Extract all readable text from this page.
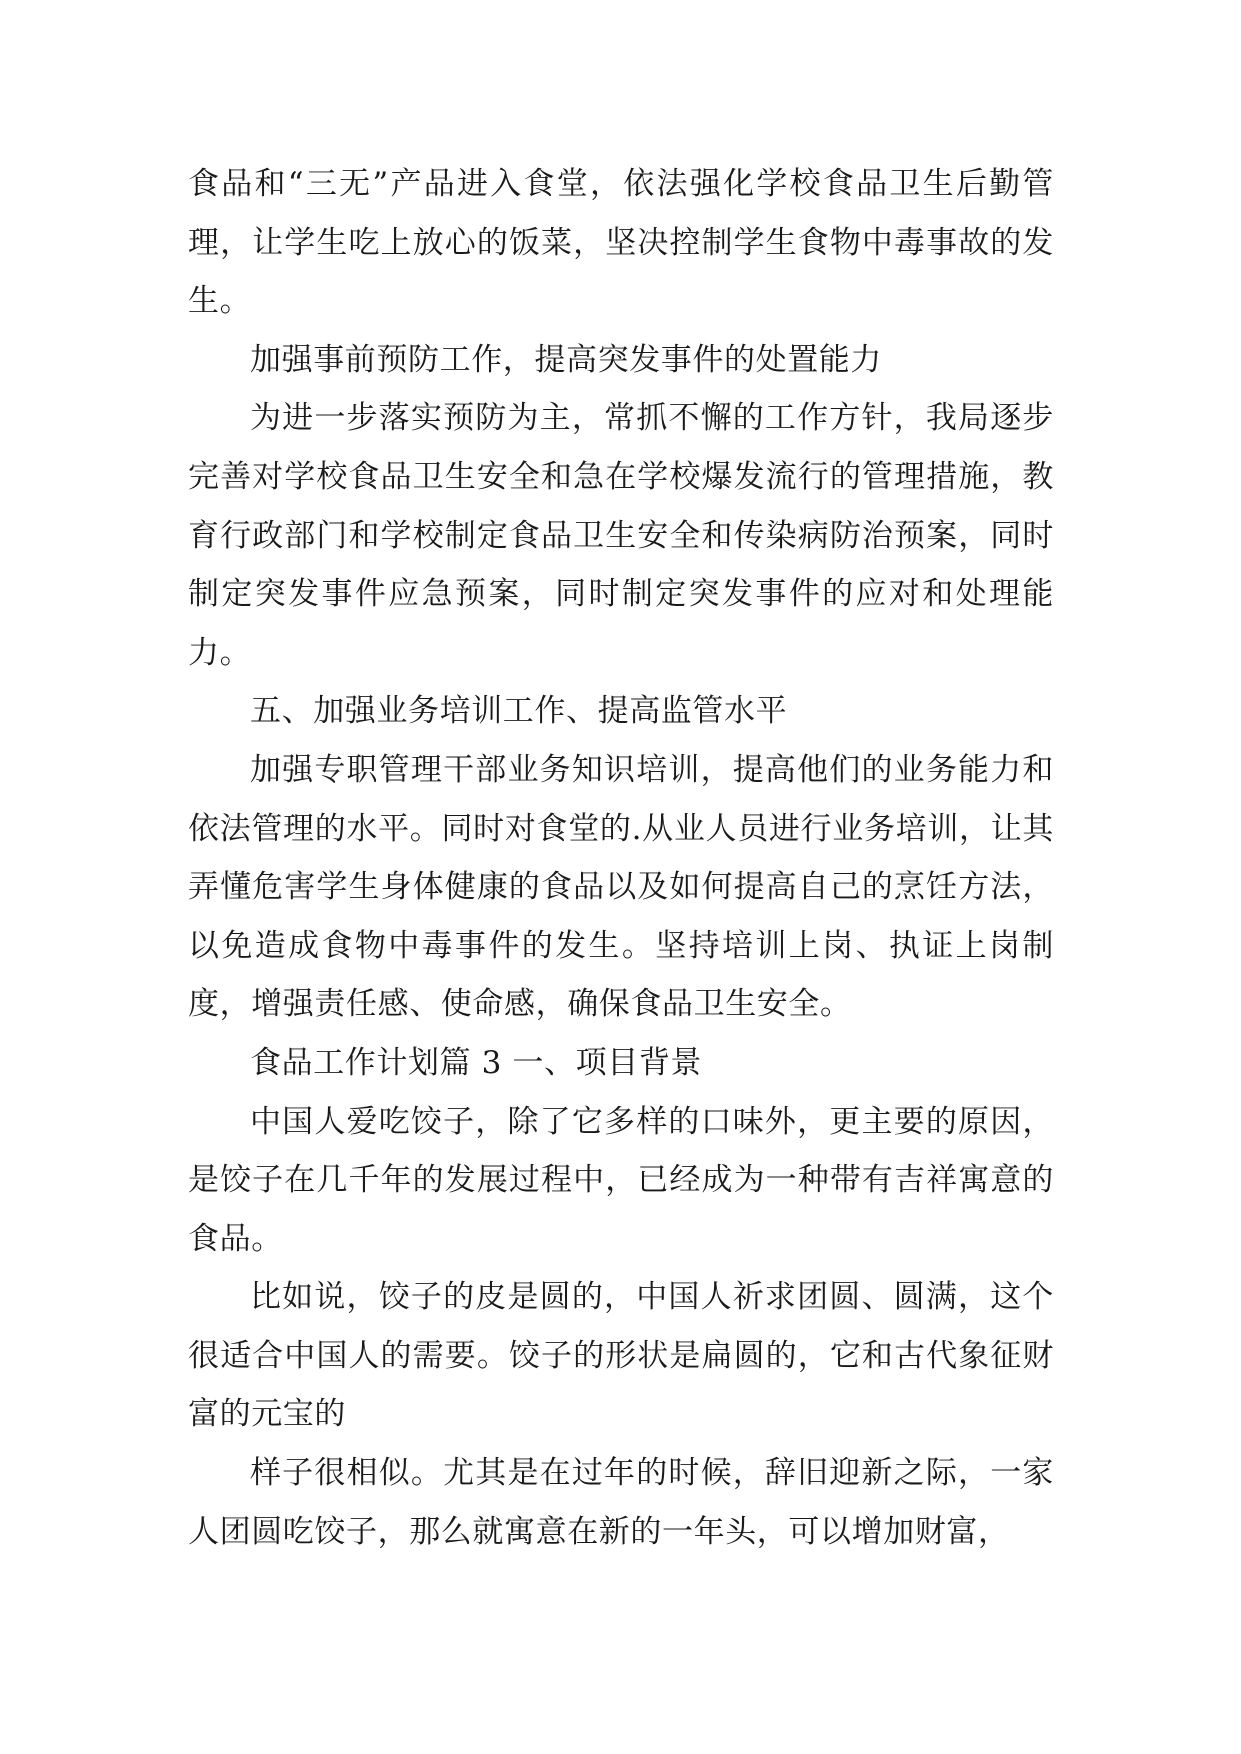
食品和“三无”产品进入食堂，依法强化学校食品卫生后勤管理，让学生吃上放心的饭菜，坚决控制学生食物中毒事故的发生。

加强事前预防工作，提高突发事件的处置能力

为进一步落实预防为主，常抓不懈的工作方针，我局逐步完善对学校食品卫生安全和急在学校爆发流行的管理措施，教育行政部门和学校制定食品卫生安全和传染病防治预案，同时制定突发事件应急预案，同时制定突发事件的应对和处理能力。

五、加强业务培训工作、提高监管水平

加强专职管理干部业务知识培训，提高他们的业务能力和依法管理的水平。同时对食堂的.从业人员进行业务培训，让其弄懂危害学生身体健康的食品以及如何提高自己的烹饪方法，以免造成食物中毒事件的发生。坚持培训上岗、执证上岗制度，增强责任感、使命感，确保食品卫生安全。

食品工作计划篇 3 一、项目背景

中国人爱吃饺子，除了它多样的口味外，更主要的原因，是饺子在几千年的发展过程中，已经成为一种带有吉祥寓意的食品。

比如说，饺子的皮是圆的，中国人祈求团圆、圆满，这个很适合中国人的需要。饺子的形状是扁圆的，它和古代象征财富的元宝的

样子很相似。尤其是在过年的时候，辞旧迎新之际，一家人团圆吃饺子，那么就寓意在新的一年头，可以增加财富，
